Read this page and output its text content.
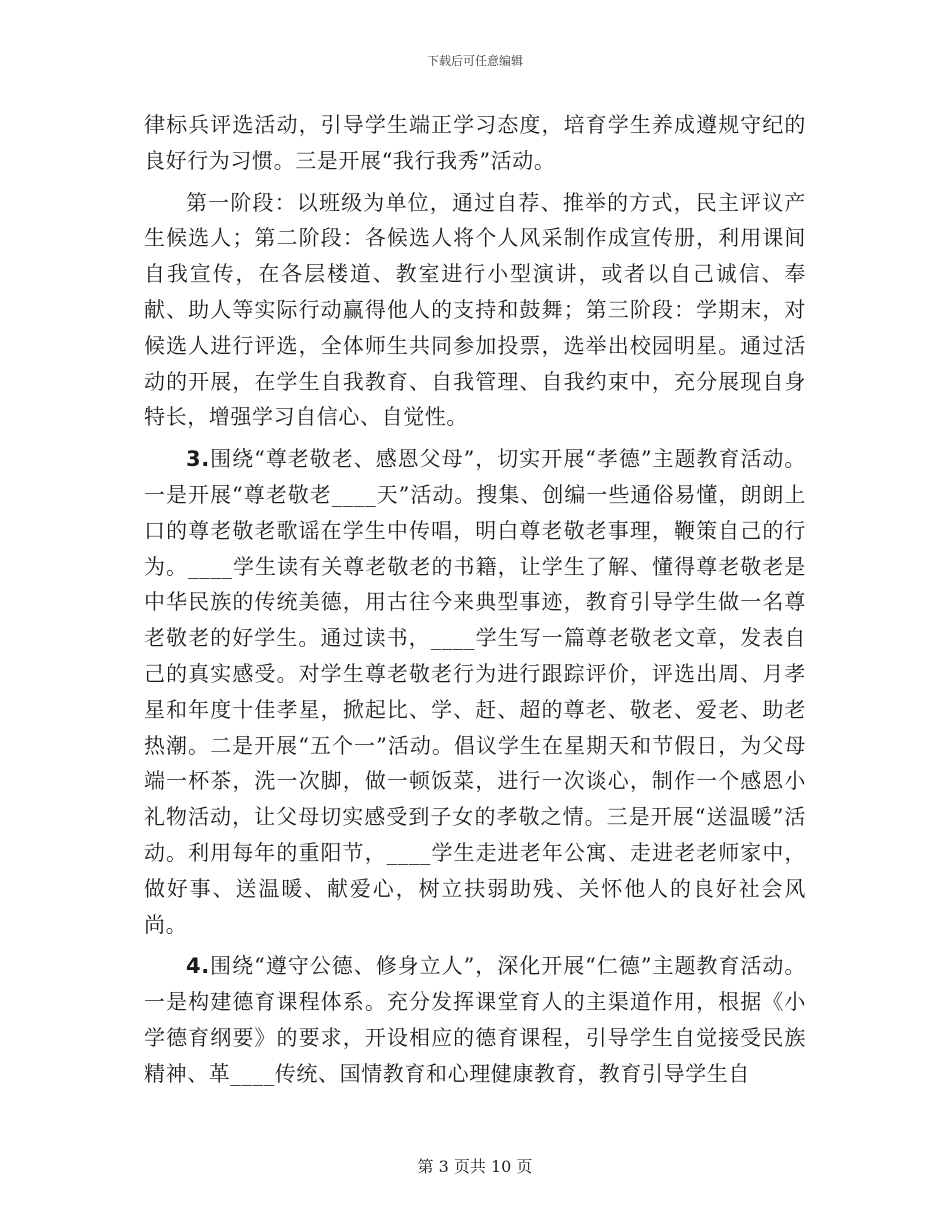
下载后可任意编辑

律标兵评选活动，引导学生端正学习态度，培育学生养成遵规守纪的良好行为习惯。三是开展“我行我秀”活动。

第一阶段：以班级为单位，通过自荐、推举的方式，民主评议产生候选人；第二阶段：各候选人将个人风采制作成宣传册，利用课间自我宣传，在各层楼道、教室进行小型演讲，或者以自己诚信、奉献、助人等实际行动赢得他人的支持和鼓舞；第三阶段：学期末，对候选人进行评选，全体师生共同参加投票，选举出校园明星。通过活动的开展，在学生自我教育、自我管理、自我约束中，充分展现自身特长，增强学习自信心、自觉性。

3.围绕“尊老敬老、感恩父母”，切实开展“孝德”主题教育活动。一是开展“尊老敬老____天”活动。搜集、创编一些通俗易懂，朗朗上口的尊老敬老歌谣在学生中传唱，明白尊老敬老事理，鞭策自己的行为。____学生读有关尊老敬老的书籍，让学生了解、懂得尊老敬老是中华民族的传统美德，用古往今来典型事迹，教育引导学生做一名尊老敬老的好学生。通过读书，____学生写一篇尊老敬老文章，发表自己的真实感受。对学生尊老敬老行为进行跟踪评价，评选出周、月孝星和年度十佳孝星，掀起比、学、赶、超的尊老、敬老、爱老、助老热潮。二是开展“五个一”活动。倡议学生在星期天和节假日，为父母端一杯茶，洗一次脚，做一顿饭菜，进行一次谈心，制作一个感恩小礼物活动，让父母切实感受到子女的孝敬之情。三是开展“送温暖”活动。利用每年的重阳节，____学生走进老年公寓、走进老老师家中，做好事、送温暖、献爱心，树立扶弱助残、关怀他人的良好社会风尚。

4.围绕“遵守公德、修身立人”，深化开展“仁德”主题教育活动。一是构建德育课程体系。充分发挥课堂育人的主渠道作用，根据《小学德育纲要》的要求，开设相应的德育课程，引导学生自觉接受民族精神、革____传统、国情教育和心理健康教育，教育引导学生自

第 3 页共 10 页
